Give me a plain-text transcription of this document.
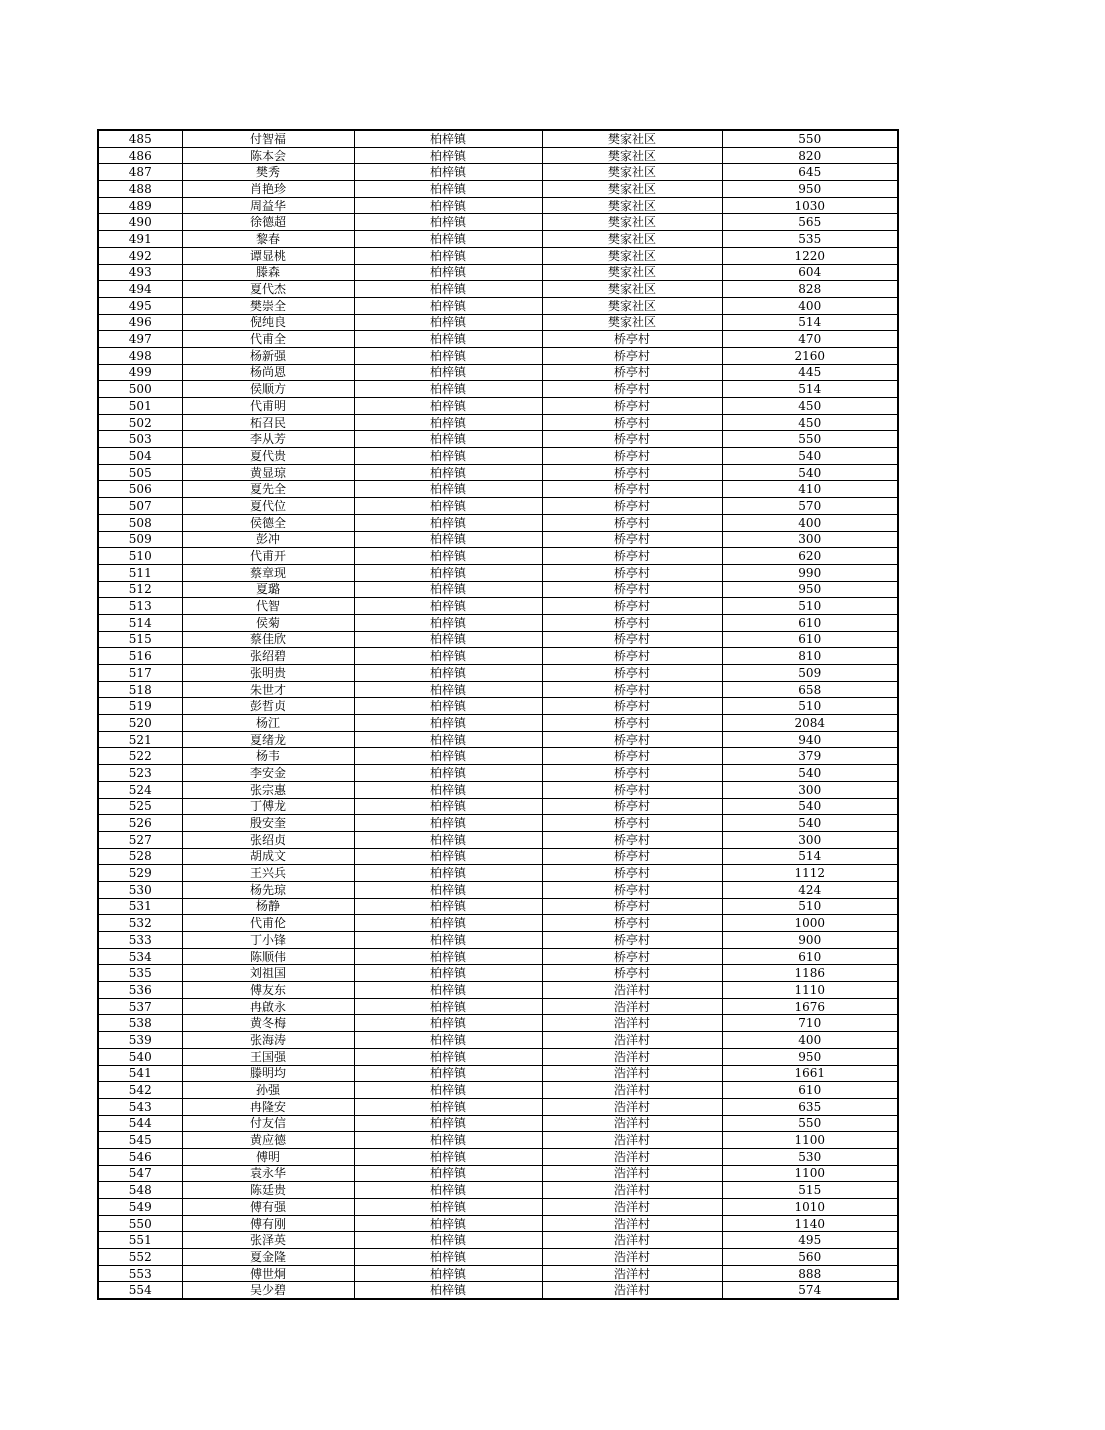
485	付智福	柏梓镇	樊家社区	550
486	陈本会	柏梓镇	樊家社区	820
487	樊秀	柏梓镇	樊家社区	645
488	肖艳珍	柏梓镇	樊家社区	950
489	周益华	柏梓镇	樊家社区	1030
490	徐德超	柏梓镇	樊家社区	565
491	黎春	柏梓镇	樊家社区	535
492	谭显桃	柏梓镇	樊家社区	1220
493	滕森	柏梓镇	樊家社区	604
494	夏代杰	柏梓镇	樊家社区	828
495	樊崇全	柏梓镇	樊家社区	400
496	倪纯良	柏梓镇	樊家社区	514
497	代甫全	柏梓镇	桥亭村	470
498	杨新强	柏梓镇	桥亭村	2160
499	杨尚恩	柏梓镇	桥亭村	445
500	侯顺方	柏梓镇	桥亭村	514
501	代甫明	柏梓镇	桥亭村	450
502	柘召民	柏梓镇	桥亭村	450
503	李从芳	柏梓镇	桥亭村	550
504	夏代贵	柏梓镇	桥亭村	540
505	黄显琼	柏梓镇	桥亭村	540
506	夏先全	柏梓镇	桥亭村	410
507	夏代位	柏梓镇	桥亭村	570
508	侯德全	柏梓镇	桥亭村	400
509	彭冲	柏梓镇	桥亭村	300
510	代甫开	柏梓镇	桥亭村	620
511	蔡章现	柏梓镇	桥亭村	990
512	夏璐	柏梓镇	桥亭村	950
513	代智	柏梓镇	桥亭村	510
514	侯菊	柏梓镇	桥亭村	610
515	蔡佳欣	柏梓镇	桥亭村	610
516	张绍碧	柏梓镇	桥亭村	810
517	张明贵	柏梓镇	桥亭村	509
518	朱世才	柏梓镇	桥亭村	658
519	彭哲贞	柏梓镇	桥亭村	510
520	杨江	柏梓镇	桥亭村	2084
521	夏绪龙	柏梓镇	桥亭村	940
522	杨韦	柏梓镇	桥亭村	379
523	李安金	柏梓镇	桥亭村	540
524	张宗惠	柏梓镇	桥亭村	300
525	丁傅龙	柏梓镇	桥亭村	540
526	殷安奎	柏梓镇	桥亭村	540
527	张绍贞	柏梓镇	桥亭村	300
528	胡成文	柏梓镇	桥亭村	514
529	王兴兵	柏梓镇	桥亭村	1112
530	杨先琼	柏梓镇	桥亭村	424
531	杨静	柏梓镇	桥亭村	510
532	代甫伦	柏梓镇	桥亭村	1000
533	丁小锋	柏梓镇	桥亭村	900
534	陈顺伟	柏梓镇	桥亭村	610
535	刘祖国	柏梓镇	桥亭村	1186
536	傅友东	柏梓镇	浩洋村	1110
537	冉啟永	柏梓镇	浩洋村	1676
538	黄冬梅	柏梓镇	浩洋村	710
539	张海涛	柏梓镇	浩洋村	400
540	王国强	柏梓镇	浩洋村	950
541	滕明均	柏梓镇	浩洋村	1661
542	孙强	柏梓镇	浩洋村	610
543	冉隆安	柏梓镇	浩洋村	635
544	付友信	柏梓镇	浩洋村	550
545	黄应德	柏梓镇	浩洋村	1100
546	傅明	柏梓镇	浩洋村	530
547	袁永华	柏梓镇	浩洋村	1100
548	陈廷贵	柏梓镇	浩洋村	515
549	傅有强	柏梓镇	浩洋村	1010
550	傅有刚	柏梓镇	浩洋村	1140
551	张泽英	柏梓镇	浩洋村	495
552	夏金隆	柏梓镇	浩洋村	560
553	傅世炯	柏梓镇	浩洋村	888
554	吴少碧	柏梓镇	浩洋村	574
